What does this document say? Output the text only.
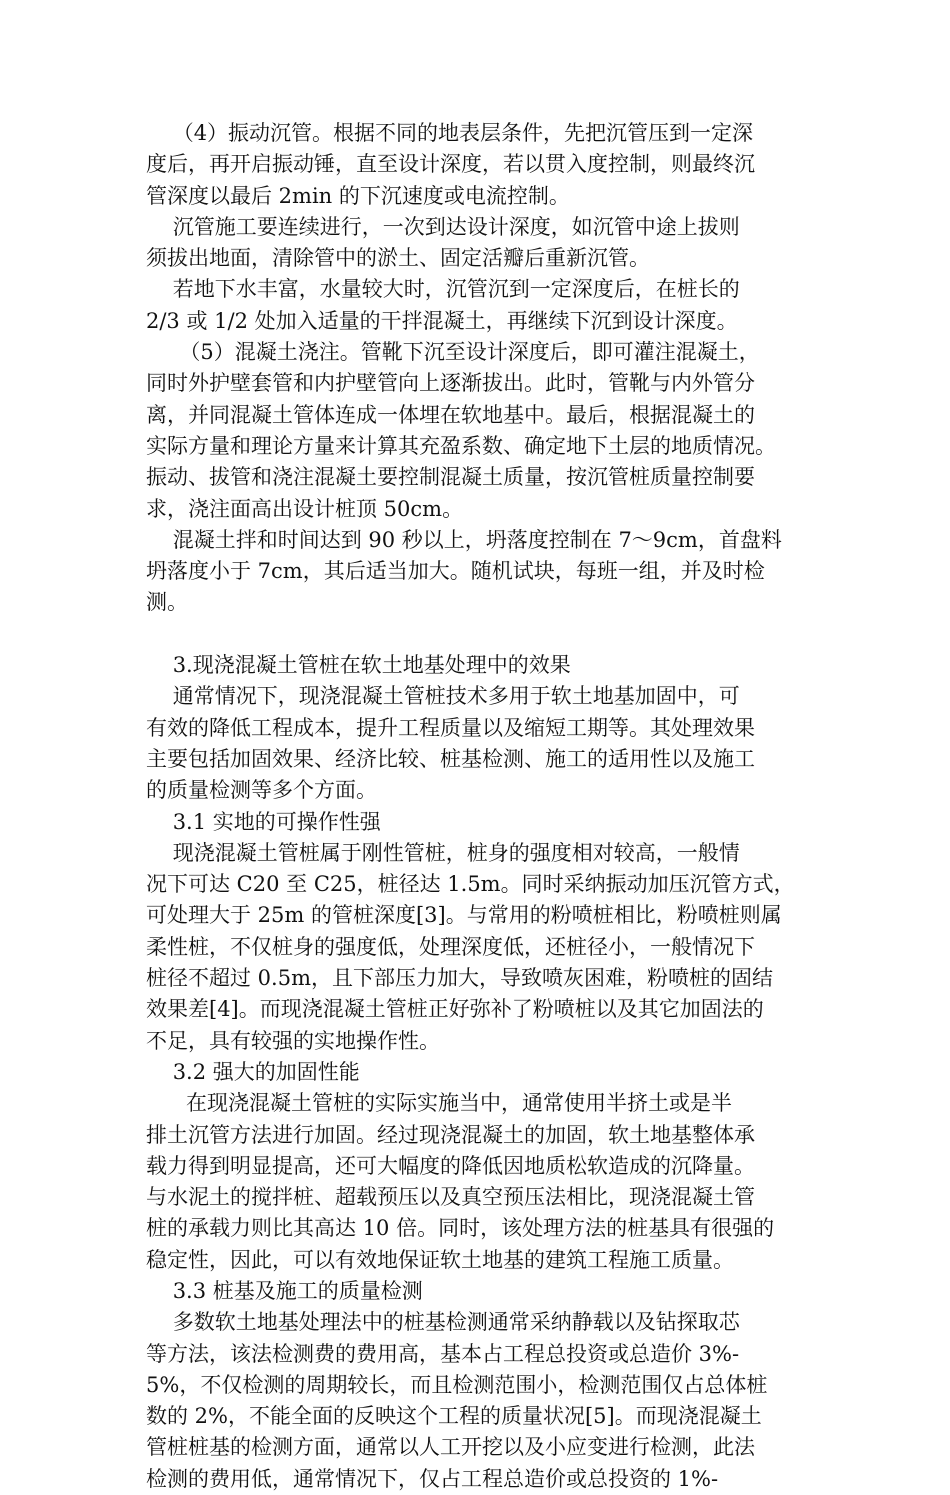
（4）振动沉管。根据不同的地表层条件，先把沉管压到一定深
度后，再开启振动锤，直至设计深度，若以贯入度控制，则最终沉
管深度以最后 2min 的下沉速度或电流控制。
沉管施工要连续进行，一次到达设计深度，如沉管中途上拔则
须拔出地面，清除管中的淤土、固定活瓣后重新沉管。
若地下水丰富，水量较大时，沉管沉到一定深度后，在桩长的
2/3 或 1/2 处加入适量的干拌混凝土，再继续下沉到设计深度。
（5）混凝土浇注。管靴下沉至设计深度后，即可灌注混凝土，
同时外护壁套管和内护壁管向上逐渐拔出。此时，管靴与内外管分
离，并同混凝土管体连成一体埋在软地基中。最后，根据混凝土的
实际方量和理论方量来计算其充盈系数、确定地下土层的地质情况。
振动、拔管和浇注混凝土要控制混凝土质量，按沉管桩质量控制要
求，浇注面高出设计桩顶 50cm。
混凝土拌和时间达到 90 秒以上，坍落度控制在 7～9cm，首盘料
坍落度小于 7cm，其后适当加大。随机试块，每班一组，并及时检
测。
3.现浇混凝土管桩在软土地基处理中的效果
通常情况下，现浇混凝土管桩技术多用于软土地基加固中，可
有效的降低工程成本，提升工程质量以及缩短工期等。其处理效果
主要包括加固效果、经济比较、桩基检测、施工的适用性以及施工
的质量检测等多个方面。
3.1 实地的可操作性强
现浇混凝土管桩属于刚性管桩，桩身的强度相对较高，一般情
况下可达 C20 至 C25，桩径达 1.5m。同时采纳振动加压沉管方式，
可处理大于 25m 的管桩深度[3]。与常用的粉喷桩相比，粉喷桩则属
柔性桩，不仅桩身的强度低，处理深度低，还桩径小，一般情况下
桩径不超过 0.5m，且下部压力加大，导致喷灰困难，粉喷桩的固结
效果差[4]。而现浇混凝土管桩正好弥补了粉喷桩以及其它加固法的
不足，具有较强的实地操作性。
3.2 强大的加固性能
在现浇混凝土管桩的实际实施当中，通常使用半挤土或是半
排土沉管方法进行加固。经过现浇混凝土的加固，软土地基整体承
载力得到明显提高，还可大幅度的降低因地质松软造成的沉降量。
与水泥土的搅拌桩、超载预压以及真空预压法相比，现浇混凝土管
桩的承载力则比其高达 10 倍。同时，该处理方法的桩基具有很强的
稳定性，因此，可以有效地保证软土地基的建筑工程施工质量。
3.3 桩基及施工的质量检测
多数软土地基处理法中的桩基检测通常采纳静载以及钻探取芯
等方法，该法检测费的费用高，基本占工程总投资或总造价 3%-
5%，不仅检测的周期较长，而且检测范围小，检测范围仅占总体桩
数的 2%，不能全面的反映这个工程的质量状况[5]。而现浇混凝土
管桩桩基的检测方面，通常以人工开挖以及小应变进行检测，此法
检测的费用低，通常情况下，仅占工程总造价或总投资的 1%-
